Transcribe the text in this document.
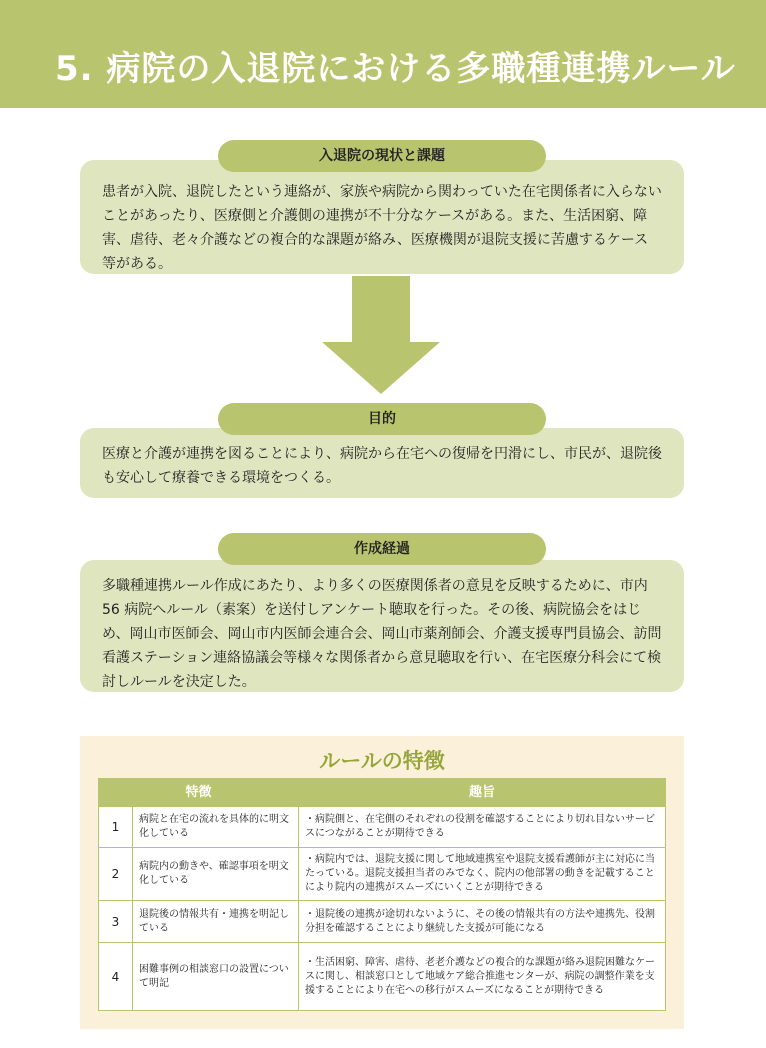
5. 病院の入退院における多職種連携ルール
患者が入院、退院したという連絡が、家族や病院から関わっていた在宅関係者に入らないことがあったり、医療側と介護側の連携が不十分なケースがある。また、生活困窮、障害、虐待、老々介護などの複合的な課題が絡み、医療機関が退院支援に苦慮するケース等がある。
入退院の現状と課題
医療と介護が連携を図ることにより、病院から在宅への復帰を円滑にし、市民が、退院後も安心して療養できる環境をつくる。
目的
多職種連携ルール作成にあたり、より多くの医療関係者の意見を反映するために、市内 56 病院へルール（素案）を送付しアンケート聴取を行った。その後、病院協会をはじめ、岡山市医師会、岡山市内医師会連合会、岡山市薬剤師会、介護支援専門員協会、訪問看護ステーション連絡協議会等様々な関係者から意見聴取を行い、在宅医療分科会にて検討しルールを決定した。
作成経過
ルールの特徴
特徴		趣旨
1	病院と在宅の流れを具体的に明文化している	・病院側と、在宅側のそれぞれの役割を確認することにより切れ目ないサービスにつながることが期待できる
2	病院内の動きや、確認事項を明文化している	・病院内では、退院支援に関して地域連携室や退院支援看護師が主に対応に当たっている。退院支援担当者のみでなく、院内の他部署の動きを記載することにより院内の連携がスムーズにいくことが期待できる
3	退院後の情報共有・連携を明記している	・退院後の連携が途切れないように、その後の情報共有の方法や連携先、役割分担を確認することにより継続した支援が可能になる
4	困難事例の相談窓口の設置について明記	・生活困窮、障害、虐待、老老介護などの複合的な課題が絡み退院困難なケースに関し、相談窓口として地域ケア総合推進センターが、病院の調整作業を支援することにより在宅への移行がスムーズになることが期待できる
